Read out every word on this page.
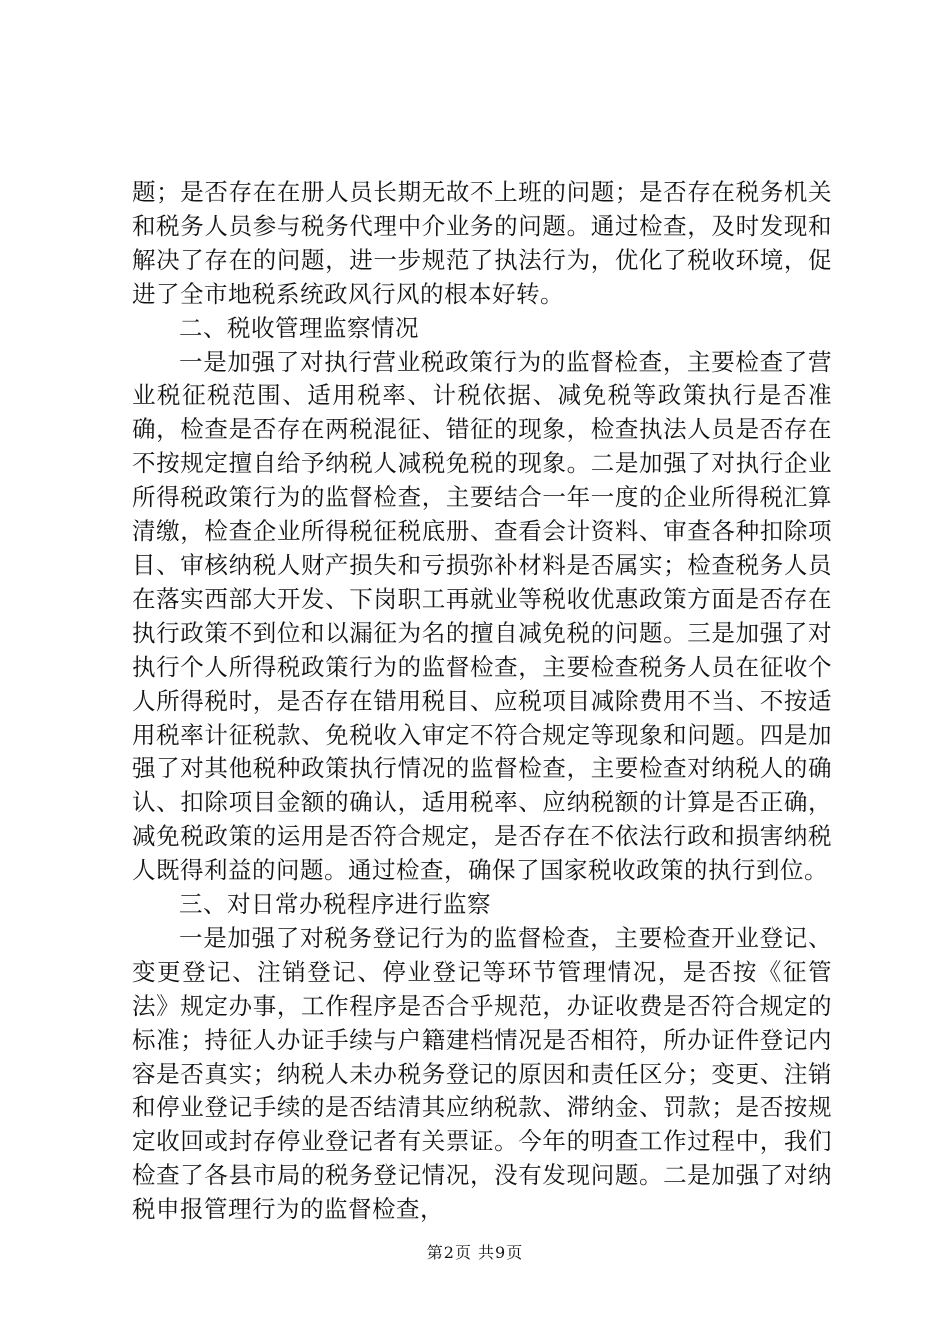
题；是否存在在册人员长期无故不上班的问题；是否存在税务机关和税务人员参与税务代理中介业务的问题。通过检查，及时发现和解决了存在的问题，进一步规范了执法行为，优化了税收环境，促进了全市地税系统政风行风的根本好转。

二、税收管理监察情况

一是加强了对执行营业税政策行为的监督检查，主要检查了营业税征税范围、适用税率、计税依据、减免税等政策执行是否准确，检查是否存在两税混征、错征的现象，检查执法人员是否存在不按规定擅自给予纳税人减税免税的现象。二是加强了对执行企业所得税政策行为的监督检查，主要结合一年一度的企业所得税汇算清缴，检查企业所得税征税底册、查看会计资料、审查各种扣除项目、审核纳税人财产损失和亏损弥补材料是否属实；检查税务人员在落实西部大开发、下岗职工再就业等税收优惠政策方面是否存在执行政策不到位和以漏征为名的擅自减免税的问题。三是加强了对执行个人所得税政策行为的监督检查，主要检查税务人员在征收个人所得税时，是否存在错用税目、应税项目减除费用不当、不按适用税率计征税款、免税收入审定不符合规定等现象和问题。四是加强了对其他税种政策执行情况的监督检查，主要检查对纳税人的确认、扣除项目金额的确认，适用税率、应纳税额的计算是否正确，减免税政策的运用是否符合规定，是否存在不依法行政和损害纳税人既得利益的问题。通过检查，确保了国家税收政策的执行到位。

三、对日常办税程序进行监察

一是加强了对税务登记行为的监督检查，主要检查开业登记、变更登记、注销登记、停业登记等环节管理情况，是否按《征管法》规定办事，工作程序是否合乎规范，办证收费是否符合规定的标准；持征人办证手续与户籍建档情况是否相符，所办证件登记内容是否真实；纳税人未办税务登记的原因和责任区分；变更、注销和停业登记手续的是否结清其应纳税款、滞纳金、罚款；是否按规定收回或封存停业登记者有关票证。今年的明查工作过程中，我们检查了各县市局的税务登记情况，没有发现问题。二是加强了对纳税申报管理行为的监督检查，

第2页 共9页
